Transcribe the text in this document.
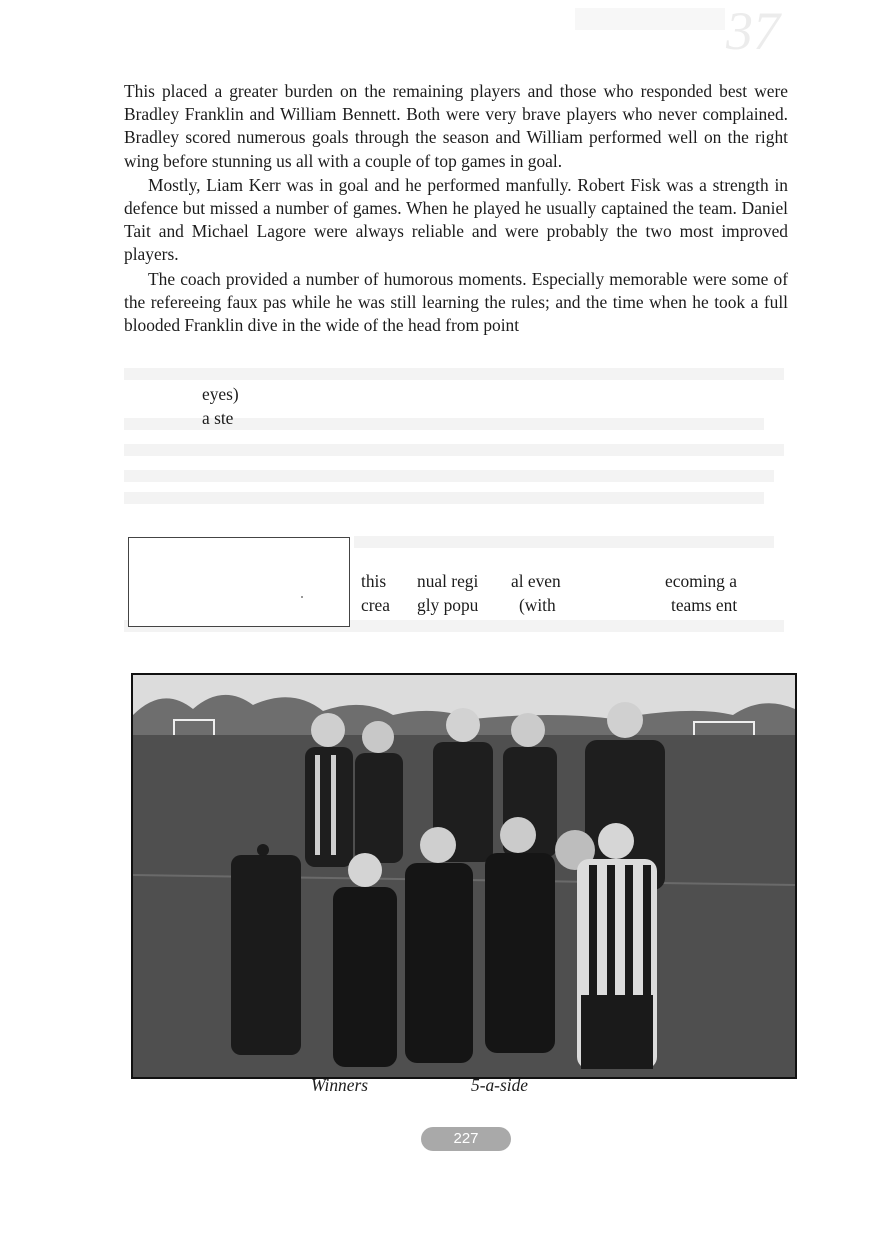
37

This placed a greater burden on the remaining players and those who responded best were Bradley Franklin and William Bennett. Both were very brave players who never complained. Bradley scored numerous goals through the season and William performed well on the right wing before stunning us all with a couple of top games in goal.

Mostly, Liam Kerr was in goal and he performed manfully. Robert Fisk was a strength in defence but missed a number of games. When he played he usually captained the team. Daniel Tait and Michael Lagore were always reliable and were probably the two most improved players.

The coach provided a number of humorous moments. Especially memorable were some of the refereeing faux pas while he was still learning the rules; and the time when he took a full blooded Franklin dive in the wide of the head from point

eyes)
a ste
this
crea
nual regi
gly popu
al even
(with
ecoming a
teams ent
Winners	5-a-side
227
